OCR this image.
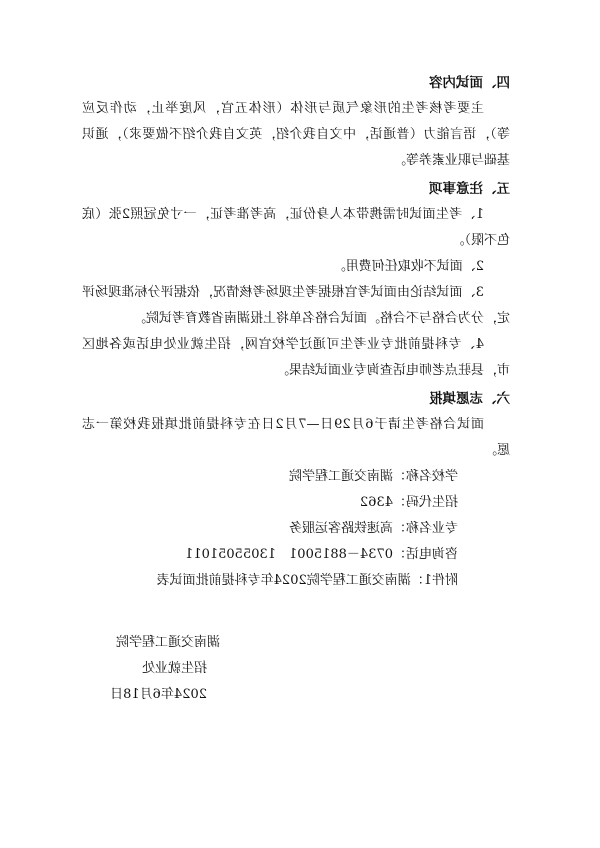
四、面试内容

主要考核考生的形象气质与形体（形体五官，风度举止，动作反应等），语言能力（普通话，中文自我介绍，英文自我介绍不做要求），通识基础与职业素养等。

五、注意事项

1、考生面试时需携带本人身份证，高考准考证，一寸免冠照2张（底色不限）。

2、面试不收取任何费用。

3、面试结论由面试考官根据考生现场考核情况，依据评分标准现场评定，分为合格与不合格。面试合格名单将上报湖南省教育考试院。

4、专科提前批专业考生可通过学校官网，招生就业处电话或各地区市，县驻点老师电话查询专业面试结果。

六、志愿填报

面试合格考生请于6月29日—7月2日在专科提前批填报我校第一志愿。

学校名称：湖南交通工程学院

招生代码：4362

专业名称：高速铁路客运服务

咨询电话：0734－8815001　13055051011

附件1：湖南交通工程学院2024年专科提前批面试表

湖南交通工程学院

招生就业处

2024年6月18日
